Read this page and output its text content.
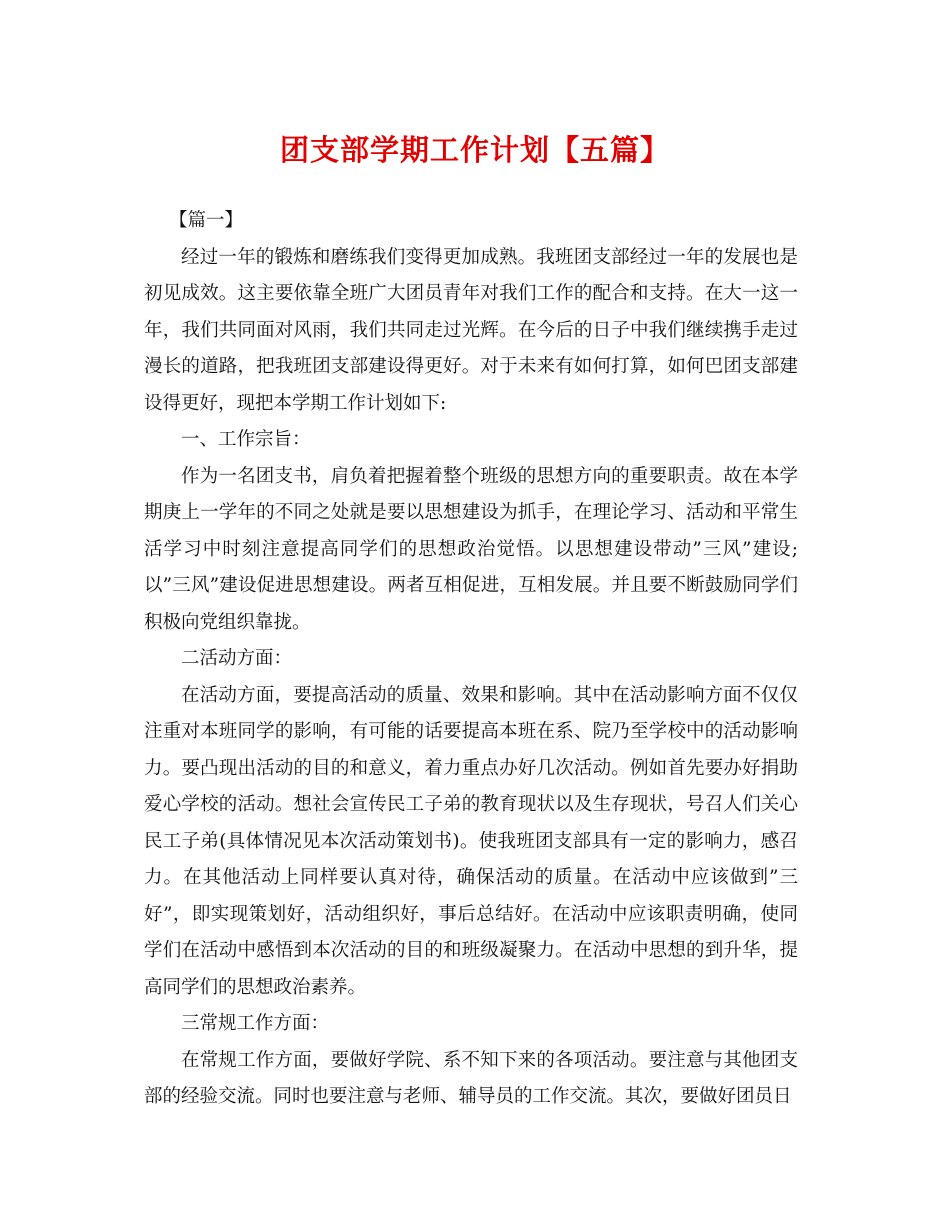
团支部学期工作计划【五篇】

【篇一】

经过一年的锻炼和磨练我们变得更加成熟。我班团支部经过一年的发展也是初见成效。这主要依靠全班广大团员青年对我们工作的配合和支持。在大一这一年，我们共同面对风雨，我们共同走过光辉。在今后的日子中我们继续携手走过漫长的道路，把我班团支部建设得更好。对于未来有如何打算，如何巴团支部建设得更好，现把本学期工作计划如下:

一、工作宗旨：

作为一名团支书，肩负着把握着整个班级的思想方向的重要职责。故在本学期庚上一学年的不同之处就是要以思想建设为抓手，在理论学习、活动和平常生活学习中时刻注意提高同学们的思想政治觉悟。以思想建设带动”三风”建设;以”三风”建设促进思想建设。两者互相促进，互相发展。并且要不断鼓励同学们积极向党组织靠拢。

二活动方面：

在活动方面，要提高活动的质量、效果和影响。其中在活动影响方面不仅仅注重对本班同学的影响，有可能的话要提高本班在系、院乃至学校中的活动影响力。要凸现出活动的目的和意义，着力重点办好几次活动。例如首先要办好捐助爱心学校的活动。想社会宣传民工子弟的教育现状以及生存现状，号召人们关心民工子弟(具体情况见本次活动策划书)。使我班团支部具有一定的影响力，感召力。在其他活动上同样要认真对待，确保活动的质量。在活动中应该做到”三好”，即实现策划好，活动组织好，事后总结好。在活动中应该职责明确，使同学们在活动中感悟到本次活动的目的和班级凝聚力。在活动中思想的到升华，提高同学们的思想政治素养。

三常规工作方面：

在常规工作方面，要做好学院、系不知下来的各项活动。要注意与其他团支部的经验交流。同时也要注意与老师、辅导员的工作交流。其次，要做好团员日
